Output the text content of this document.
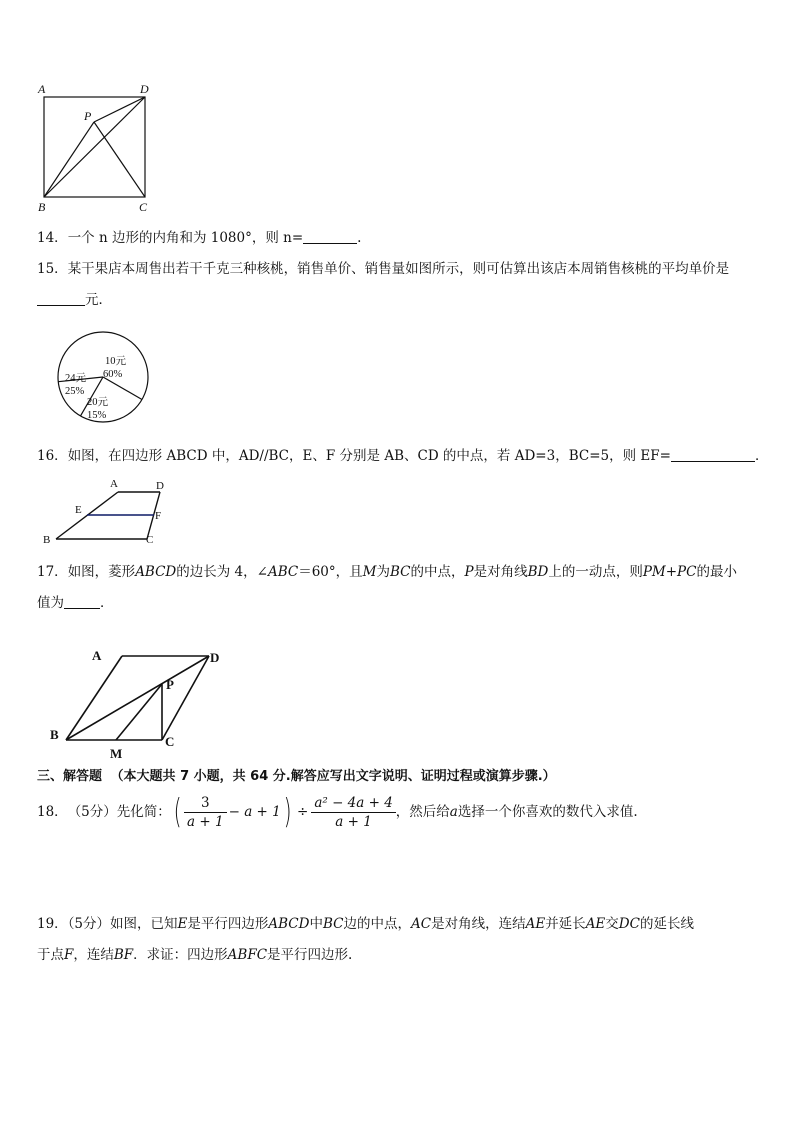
A	D
P
B	C
14．一个 n 边形的内角和为 1080°，则 n=	.
15．某干果店本周售出若干千克三种核桃，销售单价、销售量如图所示，则可估算出该店本周销售核桃的平均单价是
元．
10元
60%
24元
25%
20元
15%
16．如图，在四边形 ABCD 中，AD//BC，E、F 分别是 AB、CD 的中点，若 AD=3，BC=5，则 EF=	．
A	D
E	F
B	C
17．如图，菱形ABCD的边长为 4，∠ABC＝60°，且M为BC的中点，P是对角线BD上的一动点，则PM+PC的最小
值为	．
A	D
P
B
M
C
三、解答题 （本大题共 7 小题，共 64 分.解答应写出文字说明、证明过程或演算步骤.）
18． （5分） 先化简： ( $\frac{3}{a + 1} - a + 1$ ) ÷ $\frac{\text{a² − 4a + 4}}{a + 1}$ ，然后给 a 选择一个你喜欢的数代入求值.
19．（5分）如图，已知E是平行四边形ABCD中BC边的中点，AC是对角线，连结AE并延长AE交DC的延长线
于点F，连结BF．求证：四边形ABFC是平行四边形.
